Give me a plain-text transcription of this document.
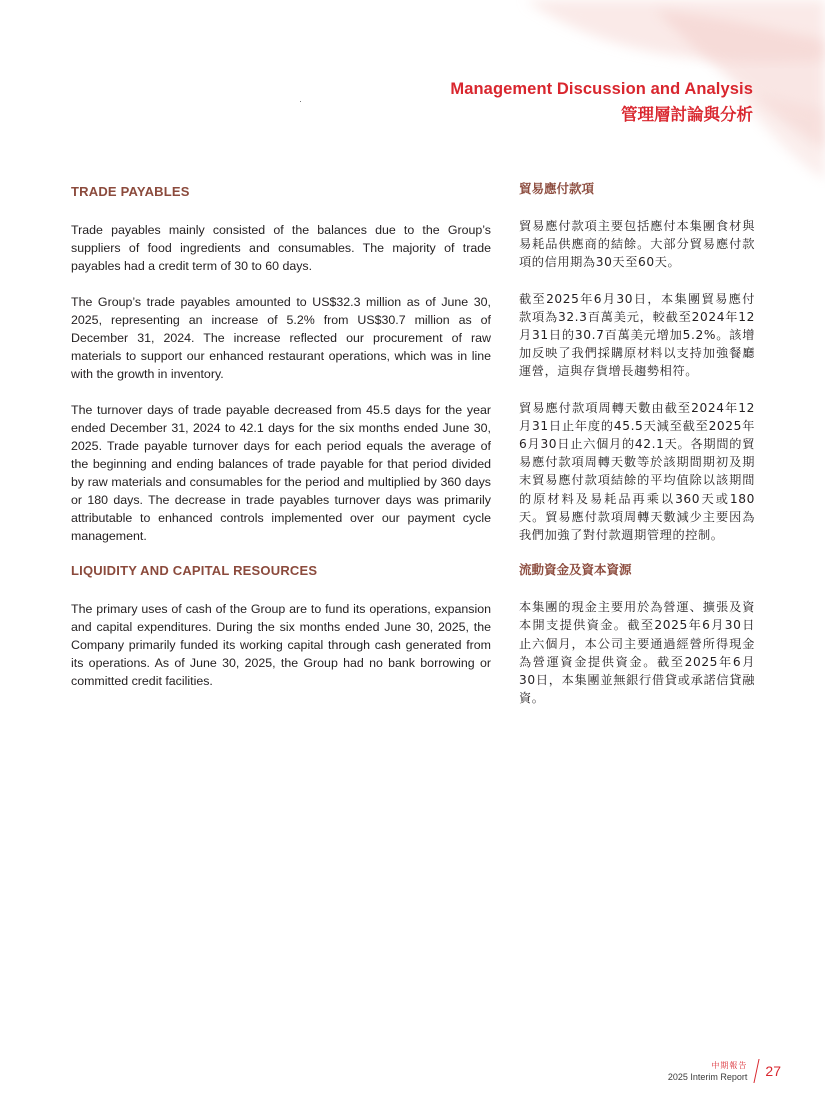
Management Discussion and Analysis
管理層討論與分析
TRADE PAYABLES

Trade payables mainly consisted of the balances due to the Group’s suppliers of food ingredients and consumables. The majority of trade payables had a credit term of 30 to 60 days.

The Group’s trade payables amounted to US$32.3 million as of June 30, 2025, representing an increase of 5.2% from US$30.7 million as of December 31, 2024. The increase reflected our procurement of raw materials to support our enhanced restaurant operations, which was in line with the growth in inventory.

The turnover days of trade payable decreased from 45.5 days for the year ended December 31, 2024 to 42.1 days for the six months ended June 30, 2025. Trade payable turnover days for each period equals the average of the beginning and ending balances of trade payable for that period divided by raw materials and consumables for the period and multiplied by 360 days or 180 days. The decrease in trade payables turnover days was primarily attributable to enhanced controls implemented over our payment cycle management.

LIQUIDITY AND CAPITAL RESOURCES

The primary uses of cash of the Group are to fund its operations, expansion and capital expenditures. During the six months ended June 30, 2025, the Company primarily funded its working capital through cash generated from its operations. As of June 30, 2025, the Group had no bank borrowing or committed credit facilities.

貿易應付款項

貿易應付款項主要包括應付本集團食材與易耗品供應商的結餘。大部分貿易應付款項的信用期為30天至60天。

截至2025年6月30日，本集團貿易應付款項為32.3百萬美元，較截至2024年12月31日的30.7百萬美元增加5.2%。該增加反映了我們採購原材料以支持加強餐廳運營，這與存貨增長趨勢相符。

貿易應付款項周轉天數由截至2024年12月31日止年度的45.5天減至截至2025年6月30日止六個月的42.1天。各期間的貿易應付款項周轉天數等於該期間期初及期末貿易應付款項結餘的平均值除以該期間的原材料及易耗品再乘以360天或180天。貿易應付款項周轉天數減少主要因為我們加強了對付款週期管理的控制。

流動資金及資本資源

本集團的現金主要用於為營運、擴張及資本開支提供資金。截至2025年6月30日止六個月，本公司主要通過經營所得現金為營運資金提供資金。截至2025年6月30日，本集團並無銀行借貸或承諾信貸融資。

中期報告
2025 Interim Report 27
